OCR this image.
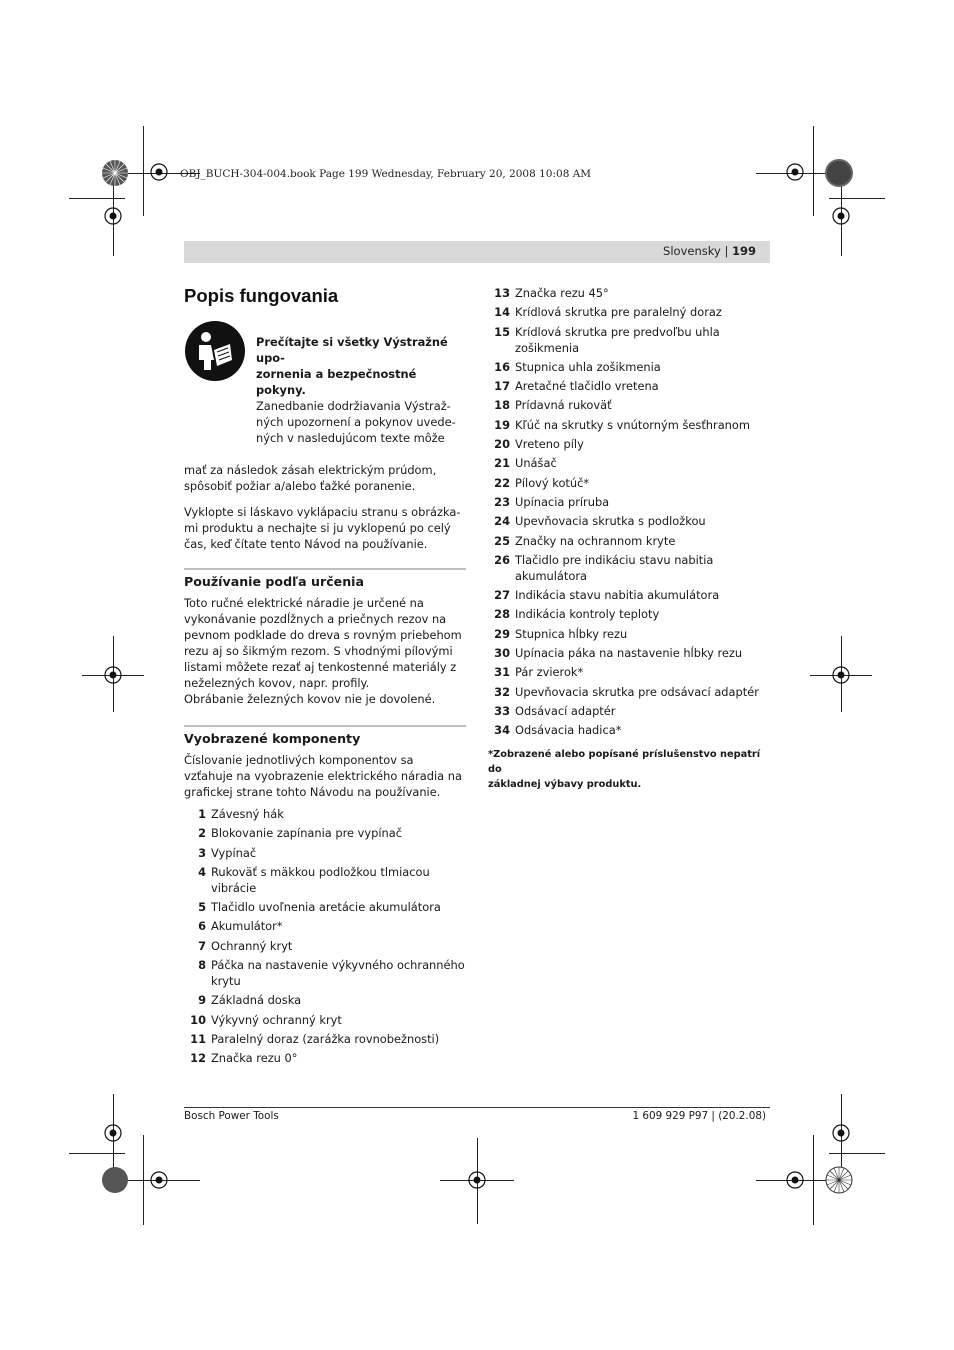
OBJ_BUCH-304-004.book Page 199 Wednesday, February 20, 2008 10:08 AM
Slovensky | 199
Popis fungovania

Prečítajte si všetky Výstražné upo-
zornenia a bezpečnostné pokyny.
Zanedbanie dodržiavania Výstraž-
ných upozornení a pokynov uvede-
ných v nasledujúcom texte môže

mať za následok zásah elektrickým prúdom,
spôsobiť požiar a/alebo ťažké poranenie.

Vyklopte si láskavo vyklápaciu stranu s obrázka-
mi produktu a nechajte si ju vyklopenú po celý
čas, keď čítate tento Návod na používanie.

Používanie podľa určenia

Toto ručné elektrické náradie je určené na
vykonávanie pozdĺžnych a priečnych rezov na
pevnom podklade do dreva s rovným priebehom
rezu aj so šikmým rezom. S vhodnými pílovými
listami môžete rezať aj tenkostenné materiály z
neželezných kovov, napr. profily.

Obrábanie železných kovov nie je dovolené.

Vyobrazené komponenty

Číslovanie jednotlivých komponentov sa
vzťahuje na vyobrazenie elektrického náradia na
grafickej strane tohto Návodu na používanie.

1 Závesný hák
2 Blokovanie zapínania pre vypínač
3 Vypínač
4 Rukoväť s mäkkou podložkou tlmiacou
vibrácie
5 Tlačidlo uvoľnenia aretácie akumulátora
6 Akumulátor*
7 Ochranný kryt
8 Páčka na nastavenie výkyvného ochranného
krytu
9 Základná doska
10 Výkyvný ochranný kryt
11 Paralelný doraz (zarážka rovnobežnosti)
12 Značka rezu 0°
13 Značka rezu 45°
14 Krídlová skrutka pre paralelný doraz
15 Krídlová skrutka pre predvoľbu uhla
zošikmenia
16 Stupnica uhla zošikmenia
17 Aretačné tlačidlo vretena
18 Prídavná rukoväť
19 Kľúč na skrutky s vnútorným šesťhranom
20 Vreteno píly
21 Unášač
22 Pílový kotúč*
23 Upínacia príruba
24 Upevňovacia skrutka s podložkou
25 Značky na ochrannom kryte
26 Tlačidlo pre indikáciu stavu nabitia
akumulátora
27 Indikácia stavu nabitia akumulátora
28 Indikácia kontroly teploty
29 Stupnica hĺbky rezu
30 Upínacia páka na nastavenie hĺbky rezu
31 Pár zvierok*
32 Upevňovacia skrutka pre odsávací adaptér
33 Odsávací adaptér
34 Odsávacia hadica*
*Zobrazené alebo popísané príslušenstvo nepatrí do
základnej výbavy produktu.
Bosch Power Tools	1 609 929 P97 | (20.2.08)
